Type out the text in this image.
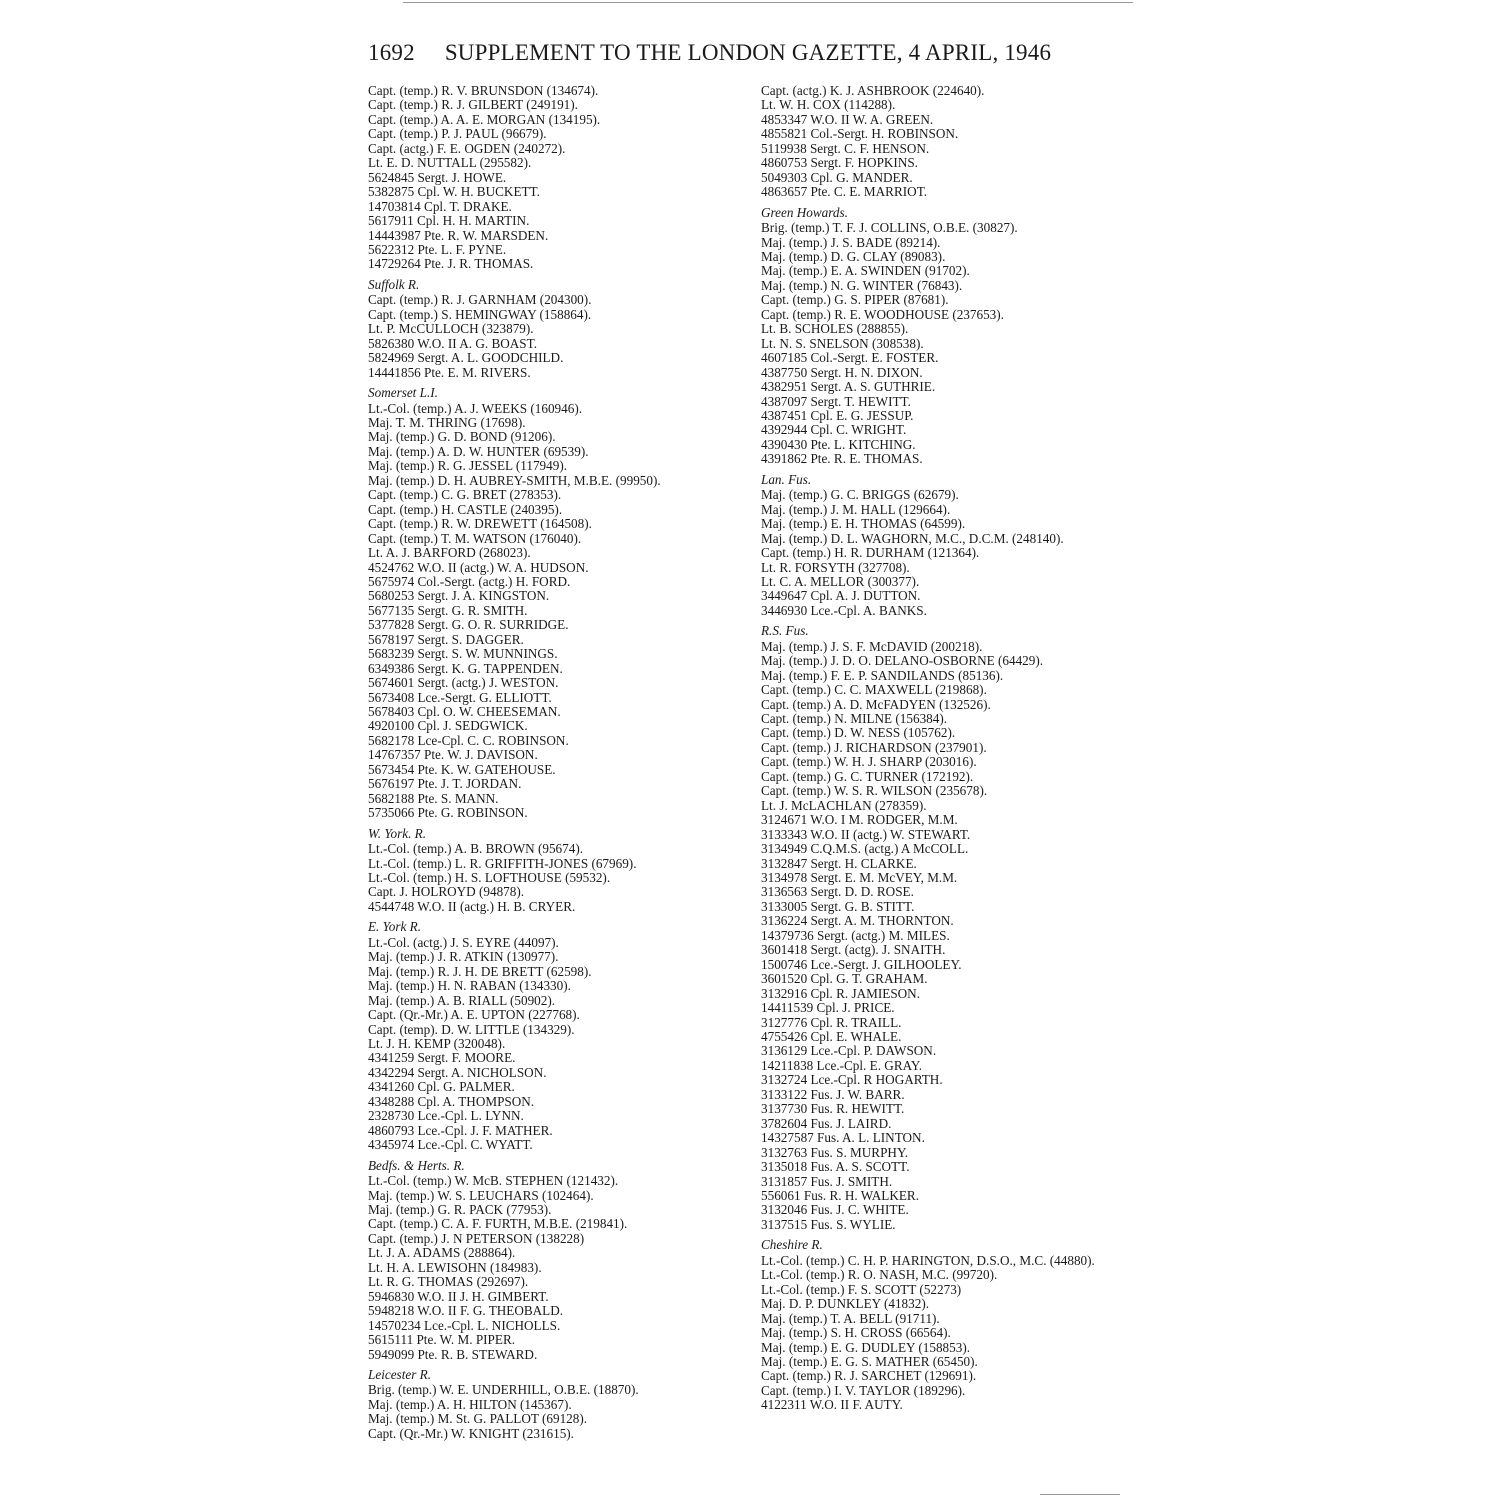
1692 SUPPLEMENT TO THE LONDON GAZETTE, 4 APRIL, 1946
Capt. (temp.) R. V. BRUNSDON (134674).
Capt. (temp.) R. J. GILBERT (249191).
Capt. (temp.) A. A. E. MORGAN (134195).
Capt. (temp.) P. J. PAUL (96679).
Capt. (actg.) F. E. OGDEN (240272).
Lt. E. D. NUTTALL (295582).
5624845 Sergt. J. HOWE.
5382875 Cpl. W. H. BUCKETT.
14703814 Cpl. T. DRAKE.
5617911 Cpl. H. H. MARTIN.
14443987 Pte. R. W. MARSDEN.
5622312 Pte. L. F. PYNE.
14729264 Pte. J. R. THOMAS.
Suffolk R.
Capt. (temp.) R. J. GARNHAM (204300).
Capt. (temp.) S. HEMINGWAY (158864).
Lt. P. McCULLOCH (323879).
5826380 W.O. II A. G. BOAST.
5824969 Sergt. A. L. GOODCHILD.
14441856 Pte. E. M. RIVERS.
Somerset L.I.
Lt.-Col. (temp.) A. J. WEEKS (160946).
Maj. T. M. THRING (17698).
Maj. (temp.) G. D. BOND (91206).
Maj. (temp.) A. D. W. HUNTER (69539).
Maj. (temp.) R. G. JESSEL (117949).
Maj. (temp.) D. H. AUBREY-SMITH, M.B.E. (99950).
Capt. (temp.) C. G. BRET (278353).
Capt. (temp.) H. CASTLE (240395).
Capt. (temp.) R. W. DREWETT (164508).
Capt. (temp.) T. M. WATSON (176040).
Lt. A. J. BARFORD (268023).
4524762 W.O. II (actg.) W. A. HUDSON.
5675974 Col.-Sergt. (actg.) H. FORD.
5680253 Sergt. J. A. KINGSTON.
5677135 Sergt. G. R. SMITH.
5377828 Sergt. G. O. R. SURRIDGE.
5678197 Sergt. S. DAGGER.
5683239 Sergt. S. W. MUNNINGS.
6349386 Sergt. K. G. TAPPENDEN.
5674601 Sergt. (actg.) J. WESTON.
5673408 Lce.-Sergt. G. ELLIOTT.
5678403 Cpl. O. W. CHEESEMAN.
4920100 Cpl. J. SEDGWICK.
5682178 Lce-Cpl. C. C. ROBINSON.
14767357 Pte. W. J. DAVISON.
5673454 Pte. K. W. GATEHOUSE.
5676197 Pte. J. T. JORDAN.
5682188 Pte. S. MANN.
5735066 Pte. G. ROBINSON.
W. York. R.
Lt.-Col. (temp.) A. B. BROWN (95674).
Lt.-Col. (temp.) L. R. GRIFFITH-JONES (67969).
Lt.-Col. (temp.) H. S. LOFTHOUSE (59532).
Capt. J. HOLROYD (94878).
4544748 W.O. II (actg.) H. B. CRYER.
E. York R.
Lt.-Col. (actg.) J. S. EYRE (44097).
Maj. (temp.) J. R. ATKIN (130977).
Maj. (temp.) R. J. H. DE BRETT (62598).
Maj. (temp.) H. N. RABAN (134330).
Maj. (temp.) A. B. RIALL (50902).
Capt. (Qr.-Mr.) A. E. UPTON (227768).
Capt. (temp). D. W. LITTLE (134329).
Lt. J. H. KEMP (320048).
4341259 Sergt. F. MOORE.
4342294 Sergt. A. NICHOLSON.
4341260 Cpl. G. PALMER.
4348288 Cpl. A. THOMPSON.
2328730 Lce.-Cpl. L. LYNN.
4860793 Lce.-Cpl. J. F. MATHER.
4345974 Lce.-Cpl. C. WYATT.
Bedfs. & Herts. R.
Lt.-Col. (temp.) W. McB. STEPHEN (121432).
Maj. (temp.) W. S. LEUCHARS (102464).
Maj. (temp.) G. R. PACK (77953).
Capt. (temp.) C. A. F. FURTH, M.B.E. (219841).
Capt. (temp.) J. N PETERSON (138228)
Lt. J. A. ADAMS (288864).
Lt. H. A. LEWISOHN (184983).
Lt. R. G. THOMAS (292697).
5946830 W.O. II J. H. GIMBERT.
5948218 W.O. II F. G. THEOBALD.
14570234 Lce.-Cpl. L. NICHOLLS.
5615111 Pte. W. M. PIPER.
5949099 Pte. R. B. STEWARD.
Leicester R.
Brig. (temp.) W. E. UNDERHILL, O.B.E. (18870).
Maj. (temp.) A. H. HILTON (145367).
Maj. (temp.) M. St. G. PALLOT (69128).
Capt. (Qr.-Mr.) W. KNIGHT (231615).
Capt. (actg.) K. J. ASHBROOK (224640).
Lt. W. H. COX (114288).
4853347 W.O. II W. A. GREEN.
4855821 Col.-Sergt. H. ROBINSON.
5119938 Sergt. C. F. HENSON.
4860753 Sergt. F. HOPKINS.
5049303 Cpl. G. MANDER.
4863657 Pte. C. E. MARRIOT.
Green Howards.
Brig. (temp.) T. F. J. COLLINS, O.B.E. (30827).
Maj. (temp.) J. S. BADE (89214).
Maj. (temp.) D. G. CLAY (89083).
Maj. (temp.) E. A. SWINDEN (91702).
Maj. (temp.) N. G. WINTER (76843).
Capt. (temp.) G. S. PIPER (87681).
Capt. (temp.) R. E. WOODHOUSE (237653).
Lt. B. SCHOLES (288855).
Lt. N. S. SNELSON (308538).
4607185 Col.-Sergt. E. FOSTER.
4387750 Sergt. H. N. DIXON.
4382951 Sergt. A. S. GUTHRIE.
4387097 Sergt. T. HEWITT.
4387451 Cpl. E. G. JESSUP.
4392944 Cpl. C. WRIGHT.
4390430 Pte. L. KITCHING.
4391862 Pte. R. E. THOMAS.
Lan. Fus.
Maj. (temp.) G. C. BRIGGS (62679).
Maj. (temp.) J. M. HALL (129664).
Maj. (temp.) E. H. THOMAS (64599).
Maj. (temp.) D. L. WAGHORN, M.C., D.C.M. (248140).
Capt. (temp.) H. R. DURHAM (121364).
Lt. R. FORSYTH (327708).
Lt. C. A. MELLOR (300377).
3449647 Cpl. A. J. DUTTON.
3446930 Lce.-Cpl. A. BANKS.
R.S. Fus.
Maj. (temp.) J. S. F. McDAVID (200218).
Maj. (temp.) J. D. O. DELANO-OSBORNE (64429).
Maj. (temp.) F. E. P. SANDILANDS (85136).
Capt. (temp.) C. C. MAXWELL (219868).
Capt. (temp.) A. D. McFADYEN (132526).
Capt. (temp.) N. MILNE (156384).
Capt. (temp.) D. W. NESS (105762).
Capt. (temp.) J. RICHARDSON (237901).
Capt. (temp.) W. H. J. SHARP (203016).
Capt. (temp.) G. C. TURNER (172192).
Capt. (temp.) W. S. R. WILSON (235678).
Lt. J. McLACHLAN (278359).
3124671 W.O. I M. RODGER, M.M.
3133343 W.O. II (actg.) W. STEWART.
3134949 C.Q.M.S. (actg.) A McCOLL.
3132847 Sergt. H. CLARKE.
3134978 Sergt. E. M. McVEY, M.M.
3136563 Sergt. D. D. ROSE.
3133005 Sergt. G. B. STITT.
3136224 Sergt. A. M. THORNTON.
14379736 Sergt. (actg.) M. MILES.
3601418 Sergt. (actg). J. SNAITH.
1500746 Lce.-Sergt. J. GILHOOLEY.
3601520 Cpl. G. T. GRAHAM.
3132916 Cpl. R. JAMIESON.
14411539 Cpl. J. PRICE.
3127776 Cpl. R. TRAILL.
4755426 Cpl. E. WHALE.
3136129 Lce.-Cpl. P. DAWSON.
14211838 Lce.-Cpl. E. GRAY.
3132724 Lce.-Cpl. R HOGARTH.
3133122 Fus. J. W. BARR.
3137730 Fus. R. HEWITT.
3782604 Fus. J. LAIRD.
14327587 Fus. A. L. LINTON.
3132763 Fus. S. MURPHY.
3135018 Fus. A. S. SCOTT.
3131857 Fus. J. SMITH.
556061 Fus. R. H. WALKER.
3132046 Fus. J. C. WHITE.
3137515 Fus. S. WYLIE.
Cheshire R.
Lt.-Col. (temp.) C. H. P. HARINGTON, D.S.O., M.C. (44880).
Lt.-Col. (temp.) R. O. NASH, M.C. (99720).
Lt.-Col. (temp.) F. S. SCOTT (52273)
Maj. D. P. DUNKLEY (41832).
Maj. (temp.) T. A. BELL (91711).
Maj. (temp.) S. H. CROSS (66564).
Maj. (temp.) E. G. DUDLEY (158853).
Maj. (temp.) E. G. S. MATHER (65450).
Capt. (temp.) R. J. SARCHET (129691).
Capt. (temp.) I. V. TAYLOR (189296).
4122311 W.O. II F. AUTY.
